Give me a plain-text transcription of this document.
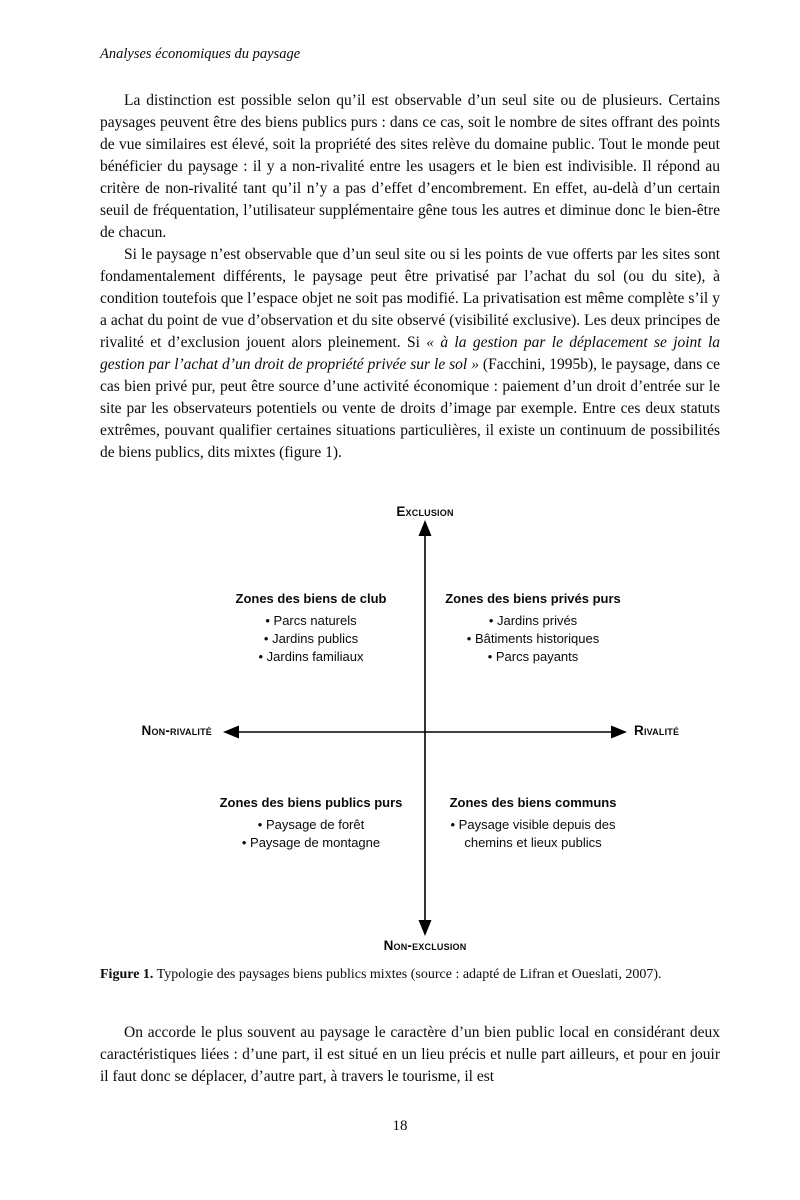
Analyses économiques du paysage

La distinction est possible selon qu’il est observable d’un seul site ou de plusieurs. Certains paysages peuvent être des biens publics purs : dans ce cas, soit le nombre de sites offrant des points de vue similaires est élevé, soit la propriété des sites relève du domaine public. Tout le monde peut bénéficier du paysage : il y a non-rivalité entre les usagers et le bien est indivisible. Il répond au critère de non-rivalité tant qu’il n’y a pas d’effet d’encombrement. En effet, au-delà d’un certain seuil de fréquentation, l’utilisateur supplémentaire gêne tous les autres et diminue donc le bien-être de chacun.

Si le paysage n’est observable que d’un seul site ou si les points de vue offerts par les sites sont fondamentalement différents, le paysage peut être privatisé par l’achat du sol (ou du site), à condition toutefois que l’espace objet ne soit pas modifié. La privatisation est même complète s’il y a achat du point de vue d’observation et du site observé (visibilité exclusive). Les deux principes de rivalité et d’exclusion jouent alors pleinement. Si « à la gestion par le déplacement se joint la gestion par l’achat d’un droit de propriété privée sur le sol » (Facchini, 1995b), le paysage, dans ce cas bien privé pur, peut être source d’une activité économique : paiement d’un droit d’entrée sur le site par les observateurs potentiels ou vente de droits d’image par exemple. Entre ces deux statuts extrêmes, pouvant qualifier certaines situations particulières, il existe un continuum de possibilités de biens publics, dits mixtes (figure 1).

Exclusion
Non-exclusion
Non-rivalité	Rivalité

Zones des biens de club

• Parcs naturels
• Jardins publics
• Jardins familiaux

Zones des biens privés purs

• Jardins privés
• Bâtiments historiques
• Parcs payants

Zones des biens publics purs

• Paysage de forêt
• Paysage de montagne

Zones des biens communs

• Paysage visible depuis des chemins et lieux publics
Figure 1. Typologie des paysages biens publics mixtes (source : adapté de Lifran et Oueslati, 2007).

On accorde le plus souvent au paysage le caractère d’un bien public local en considérant deux caractéristiques liées : d’une part, il est situé en un lieu précis et nulle part ailleurs, et pour en jouir il faut donc se déplacer, d’autre part, à travers le tourisme, il est

18
